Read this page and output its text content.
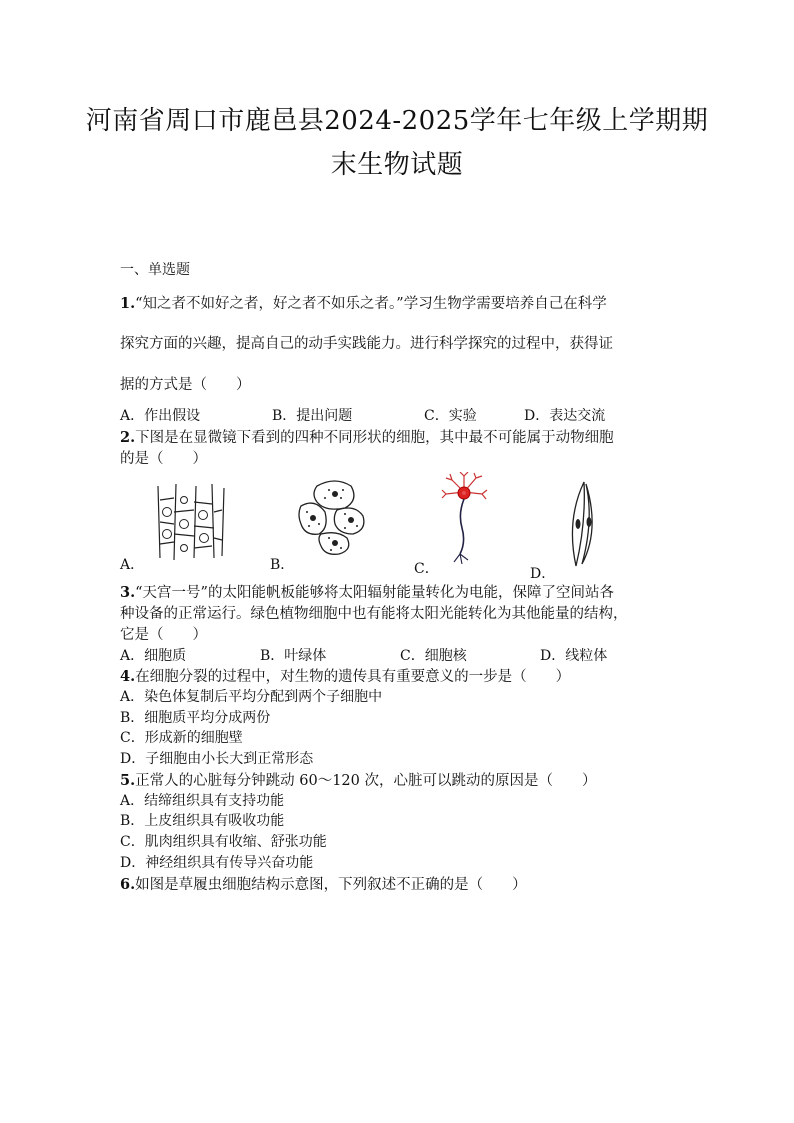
河南省周口市鹿邑县2024-2025学年七年级上学期期
末生物试题
一、单选题
1.“知之者不如好之者，好之者不如乐之者。”学习生物学需要培养自己在科学
探究方面的兴趣，提高自己的动手实践能力。进行科学探究的过程中，获得证
据的方式是（　　）
A．作出假设	B．提出问题	C．实验	D．表达交流
2.下图是在显微镜下看到的四种不同形状的细胞，其中最不可能属于动物细胞
的是（　　）
A．	B．	C．	D．
3.“天宫一号”的太阳能帆板能够将太阳辐射能量转化为电能，保障了空间站各
种设备的正常运行。绿色植物细胞中也有能将太阳光能转化为其他能量的结构，
它是（　　）
A．细胞质	B．叶绿体	C．细胞核	D．线粒体
4.在细胞分裂的过程中，对生物的遗传具有重要意义的一步是（　　）
A．染色体复制后平均分配到两个子细胞中
B．细胞质平均分成两份
C．形成新的细胞壁
D．子细胞由小长大到正常形态
5.正常人的心脏每分钟跳动 60～120 次，心脏可以跳动的原因是（　　）
A．结缔组织具有支持功能
B．上皮组织具有吸收功能
C．肌肉组织具有收缩、舒张功能
D．神经组织具有传导兴奋功能
6.如图是草履虫细胞结构示意图，下列叙述不正确的是（　　）
